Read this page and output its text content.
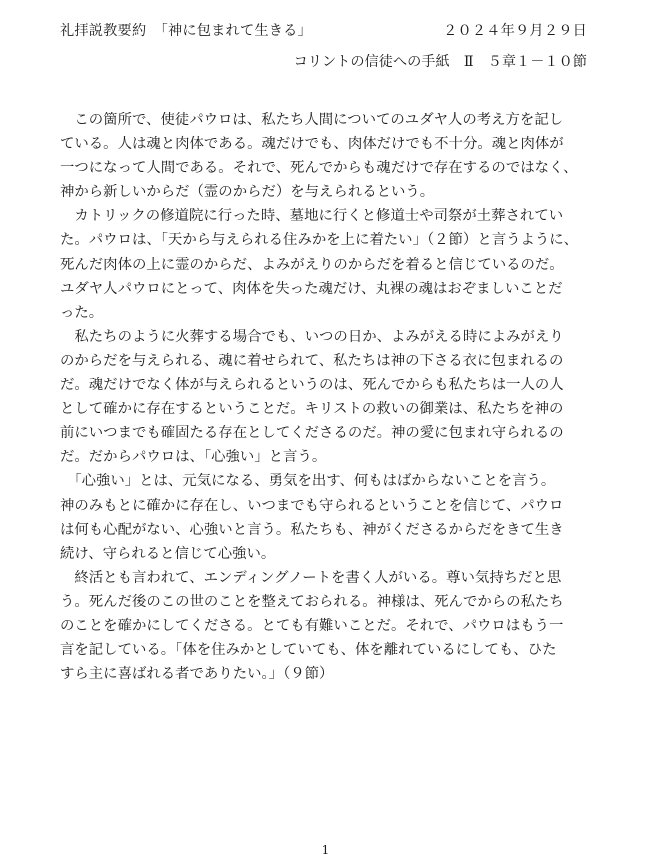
礼拝説教要約　「神に包まれて生きる」	２０２４年９月２９日
コリントの信徒への手紙　Ⅱ　５章１－１０節
　この箇所で、使徒パウロは、私たち人間についてのユダヤ人の考え方を記し
ている。人は魂と肉体である。魂だけでも、肉体だけでも不十分。魂と肉体が
一つになって人間である。それで、死んでからも魂だけで存在するのではなく、
神から新しいからだ（霊のからだ）を与えられるという。
　カトリックの修道院に行った時、墓地に行くと修道士や司祭が土葬されてい
た。パウロは、「天から与えられる住みかを上に着たい」（２節）と言うように、
死んだ肉体の上に霊のからだ、よみがえりのからだを着ると信じているのだ。
ユダヤ人パウロにとって、肉体を失った魂だけ、丸裸の魂はおぞましいことだ
った。
　私たちのように火葬する場合でも、いつの日か、よみがえる時によみがえり
のからだを与えられる、魂に着せられて、私たちは神の下さる衣に包まれるの
だ。魂だけでなく体が与えられるというのは、死んでからも私たちは一人の人
として確かに存在するということだ。キリストの救いの御業は、私たちを神の
前にいつまでも確固たる存在としてくださるのだ。神の愛に包まれ守られるの
だ。だからパウロは、「心強い」と言う。
　「心強い」とは、元気になる、勇気を出す、何もはばからないことを言う。
神のみもとに確かに存在し、いつまでも守られるということを信じて、パウロ
は何も心配がない、心強いと言う。私たちも、神がくださるからだをきて生き
続け、守られると信じて心強い。
　終活とも言われて、エンディングノートを書く人がいる。尊い気持ちだと思
う。死んだ後のこの世のことを整えておられる。神様は、死んでからの私たち
のことを確かにしてくださる。とても有難いことだ。それで、パウロはもう一
言を記している。「体を住みかとしていても、体を離れているにしても、ひた
すら主に喜ばれる者でありたい。」（９節）
1
